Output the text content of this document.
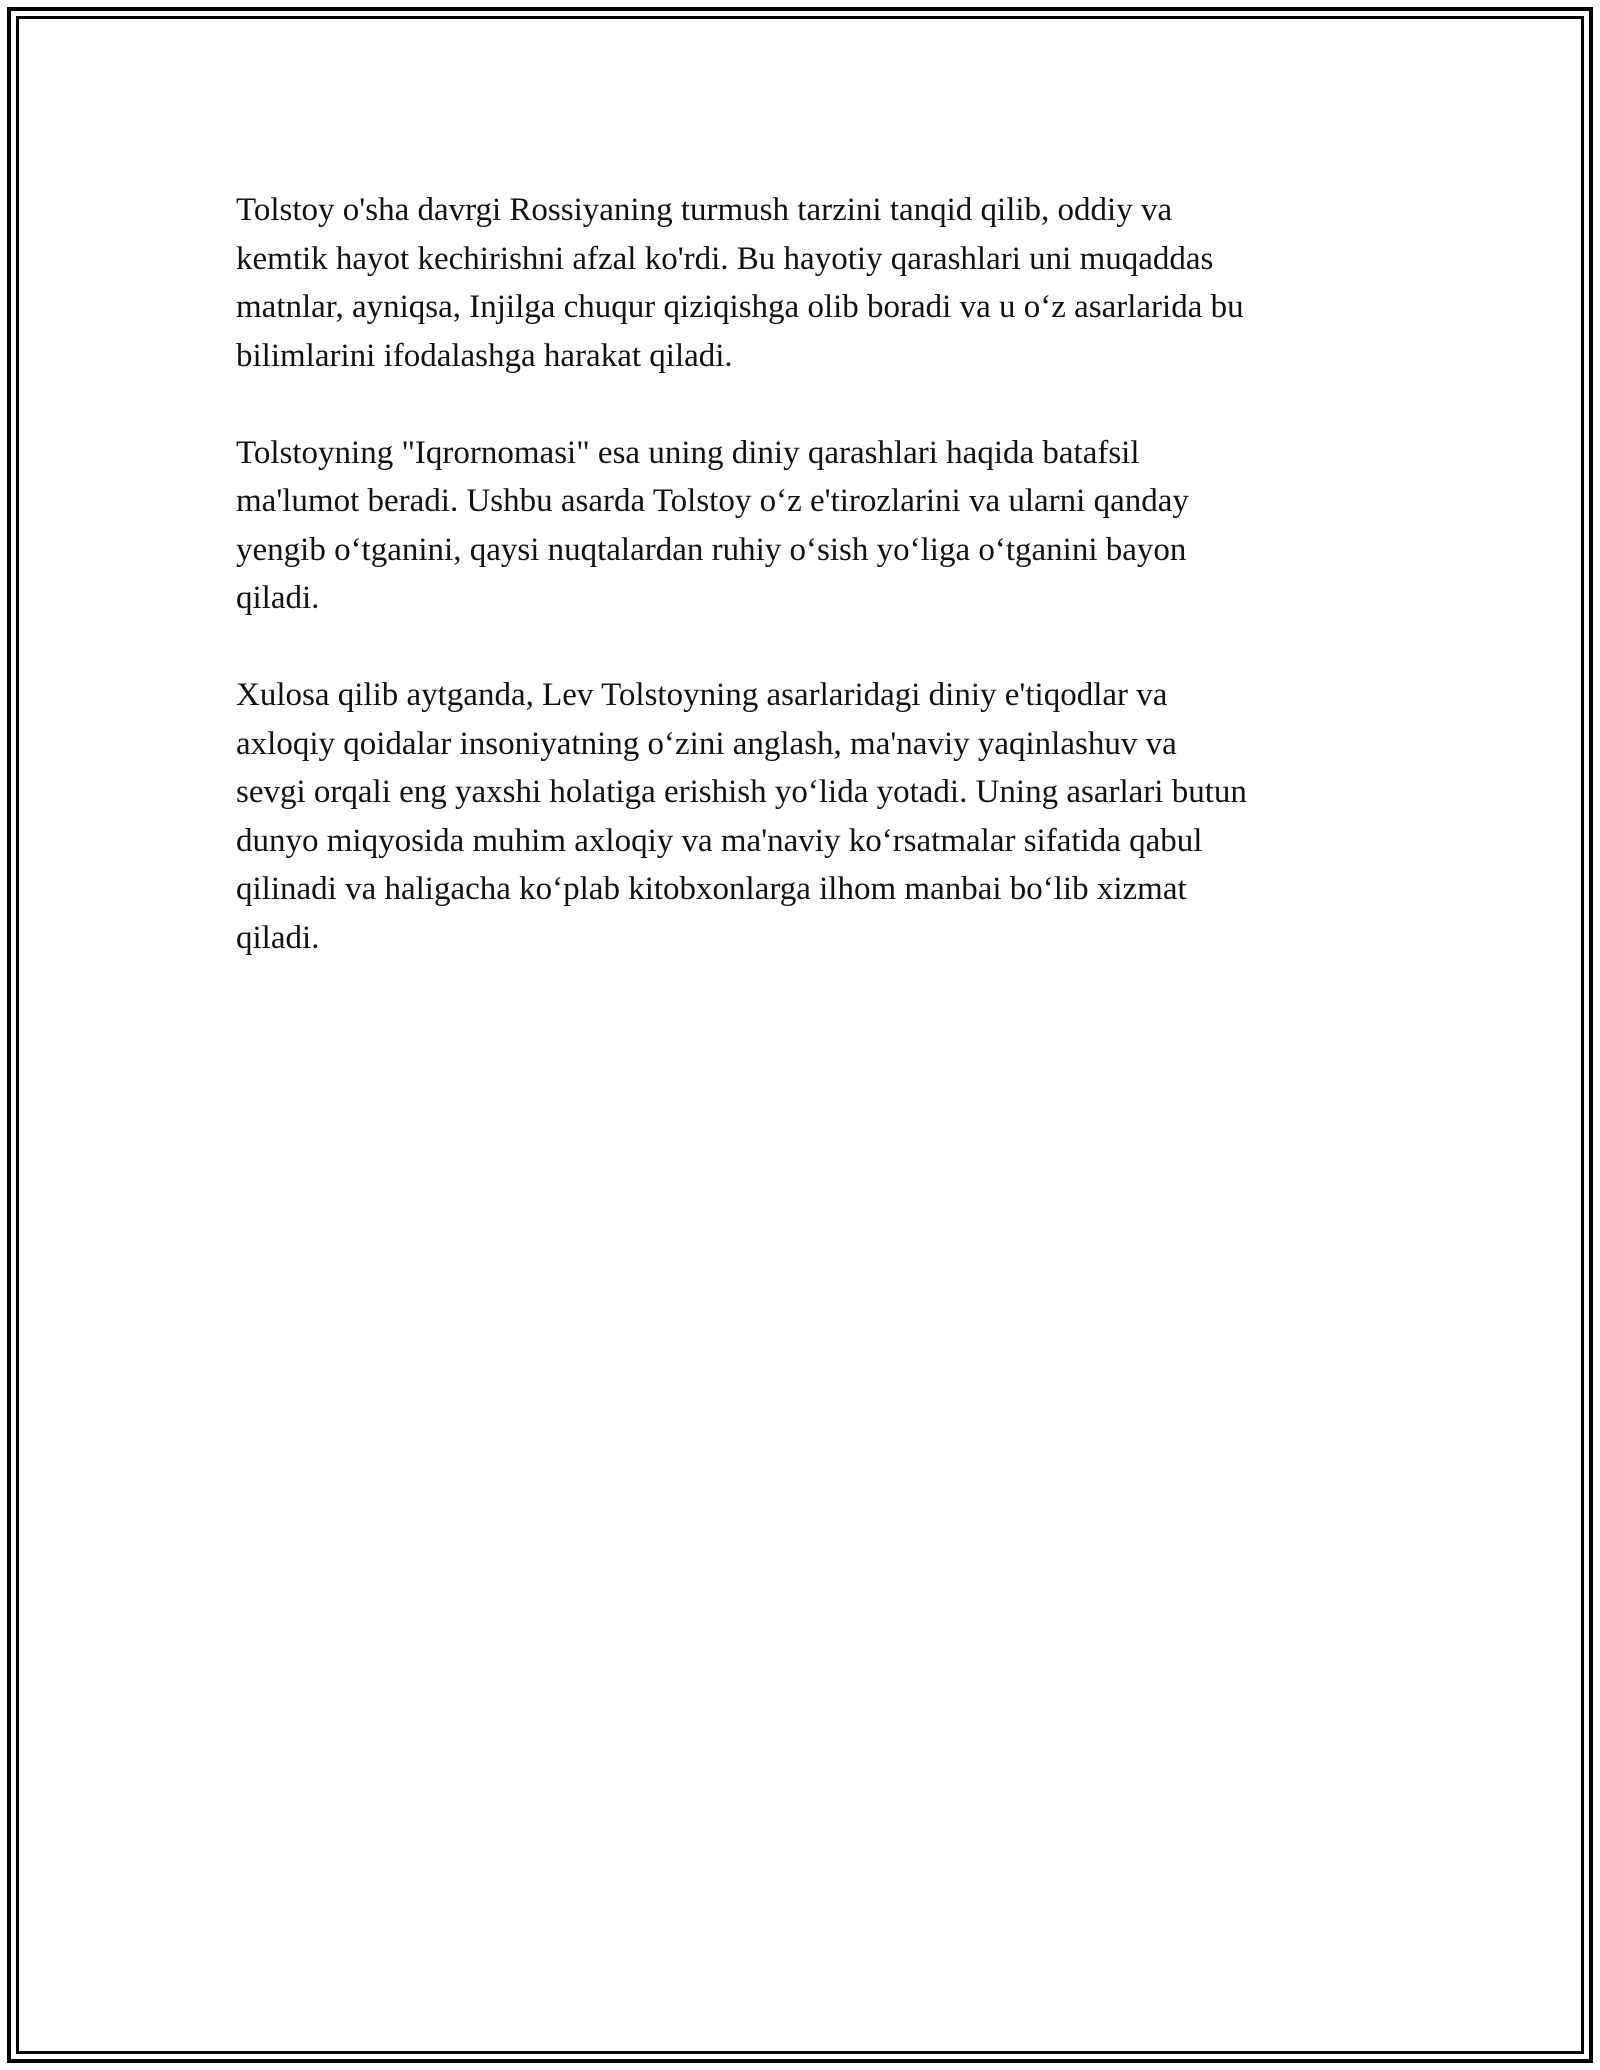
Tolstoy o'sha davrgi Rossiyaning turmush tarzini tanqid qilib, oddiy va
kemtik hayot kechirishni afzal ko'rdi. Bu hayotiy qarashlari uni muqaddas
matnlar, ayniqsa, Injilga chuqur qiziqishga olib boradi va u o‘z asarlarida bu
bilimlarini ifodalashga harakat qiladi.

Tolstoyning "Iqrornomasi" esa uning diniy qarashlari haqida batafsil
ma'lumot beradi. Ushbu asarda Tolstoy o‘z e'tirozlarini va ularni qanday
yengib o‘tganini, qaysi nuqtalardan ruhiy o‘sish yo‘liga o‘tganini bayon
qiladi.

Xulosa qilib aytganda, Lev Tolstoyning asarlaridagi diniy e'tiqodlar va
axloqiy qoidalar insoniyatning o‘zini anglash, ma'naviy yaqinlashuv va
sevgi orqali eng yaxshi holatiga erishish yo‘lida yotadi. Uning asarlari butun
dunyo miqyosida muhim axloqiy va ma'naviy ko‘rsatmalar sifatida qabul
qilinadi va haligacha ko‘plab kitobxonlarga ilhom manbai bo‘lib xizmat
qiladi.
